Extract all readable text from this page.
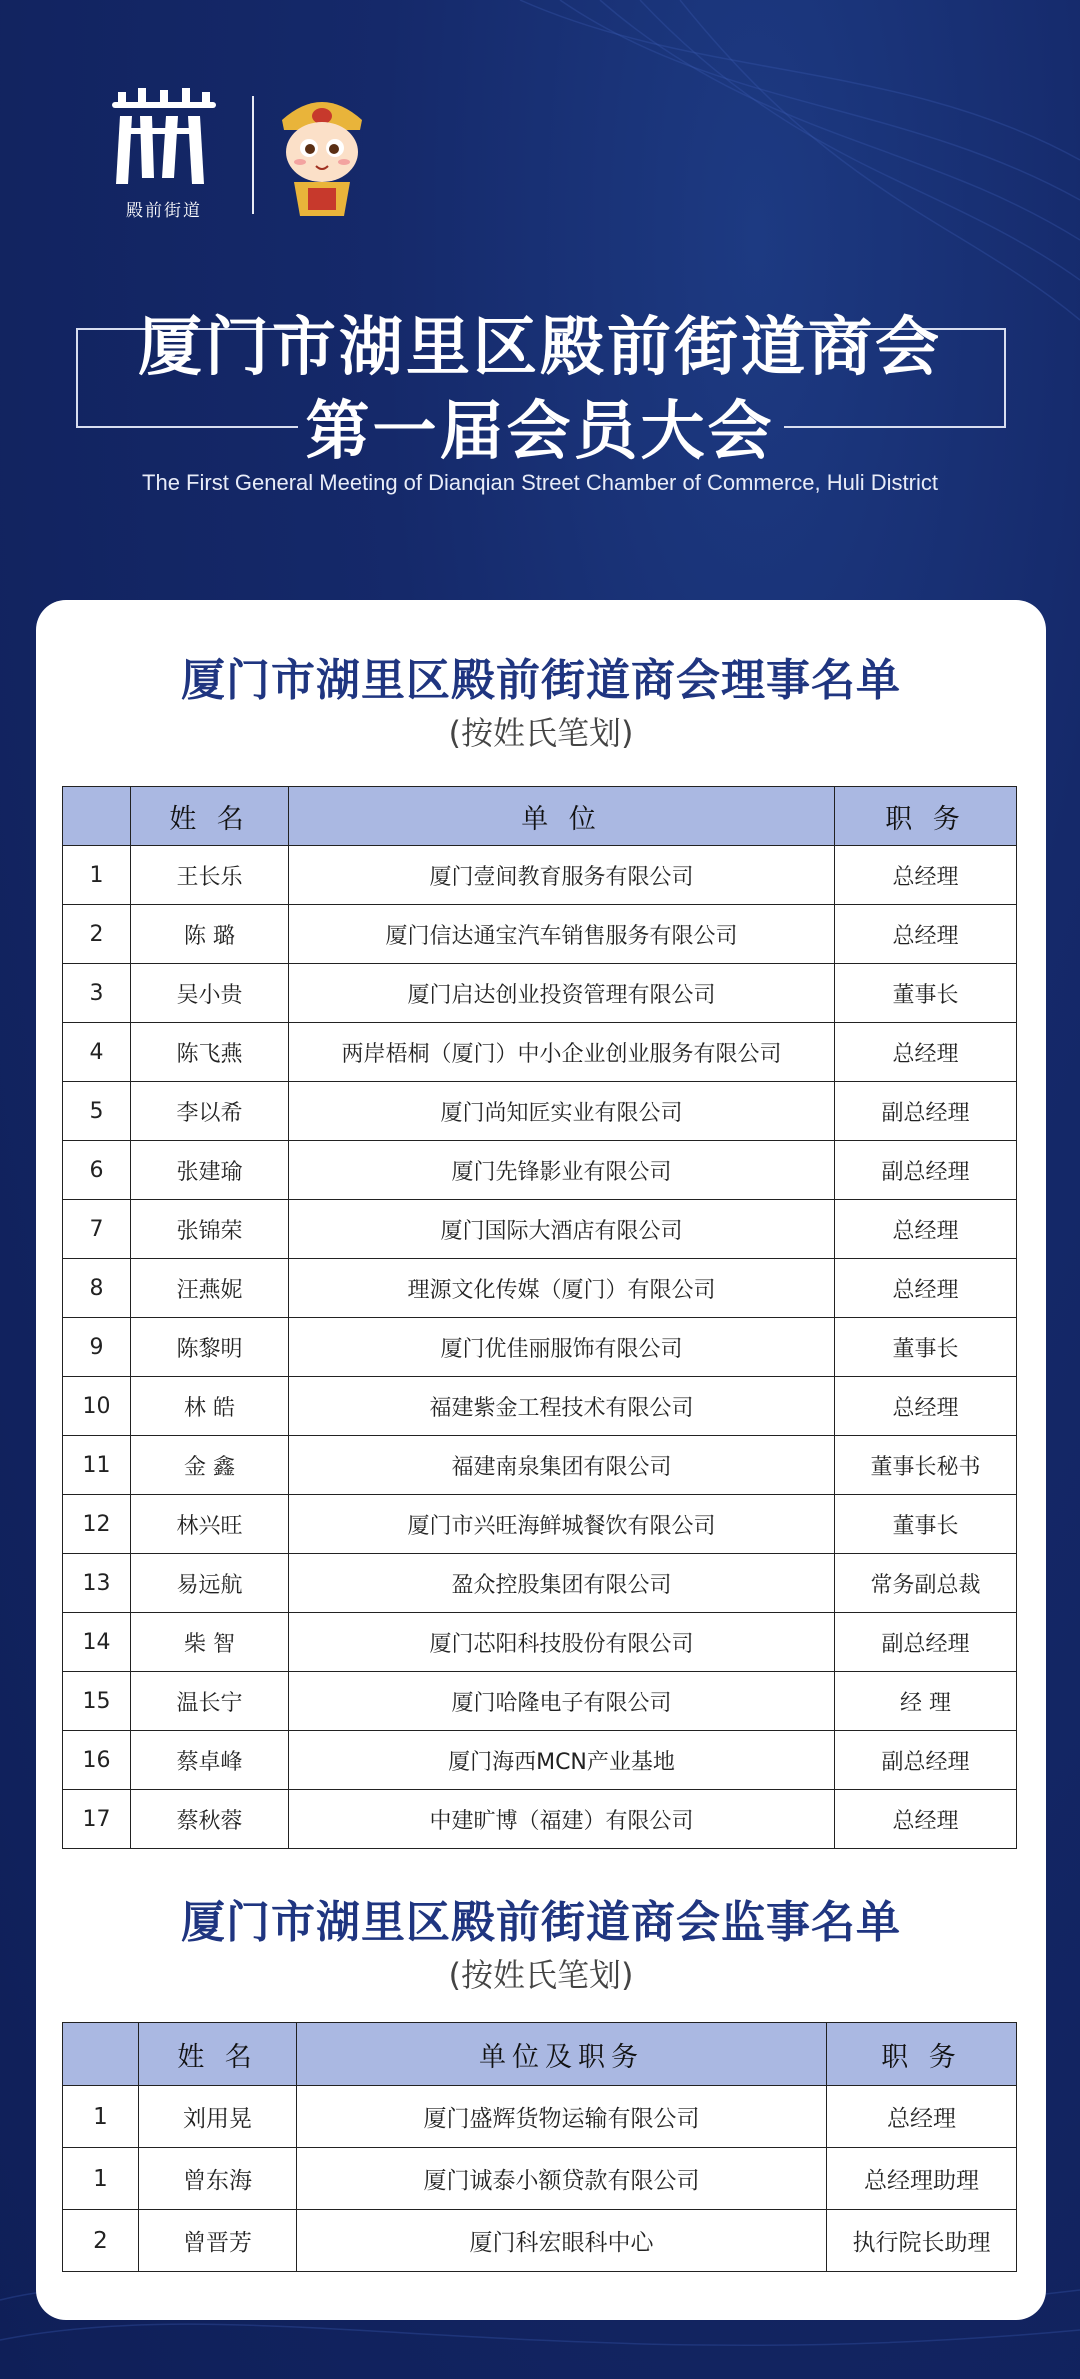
殿前街道
厦门市湖里区殿前街道商会
第一届会员大会
The First General Meeting of Dianqian Street Chamber of Commerce, Huli District
厦门市湖里区殿前街道商会理事名单
(按姓氏笔划)
	姓 名	单 位	职 务
1	王长乐	厦门壹间教育服务有限公司	总经理
2	陈 璐	厦门信达通宝汽车销售服务有限公司	总经理
3	吴小贵	厦门启达创业投资管理有限公司	董事长
4	陈飞燕	两岸梧桐（厦门）中小企业创业服务有限公司	总经理
5	李以希	厦门尚知匠实业有限公司	副总经理
6	张建瑜	厦门先锋影业有限公司	副总经理
7	张锦荣	厦门国际大酒店有限公司	总经理
8	汪燕妮	理源文化传媒（厦门）有限公司	总经理
9	陈黎明	厦门优佳丽服饰有限公司	董事长
10	林 皓	福建紫金工程技术有限公司	总经理
11	金 鑫	福建南泉集团有限公司	董事长秘书
12	林兴旺	厦门市兴旺海鲜城餐饮有限公司	董事长
13	易远航	盈众控股集团有限公司	常务副总裁
14	柴 智	厦门芯阳科技股份有限公司	副总经理
15	温长宁	厦门哈隆电子有限公司	经 理
16	蔡卓峰	厦门海西MCN产业基地	副总经理
17	蔡秋蓉	中建旷博（福建）有限公司	总经理
厦门市湖里区殿前街道商会监事名单
(按姓氏笔划)
	姓 名	单位及职务	职 务
1	刘用晃	厦门盛辉货物运输有限公司	总经理
1	曾东海	厦门诚泰小额贷款有限公司	总经理助理
2	曾晋芳	厦门科宏眼科中心	执行院长助理
